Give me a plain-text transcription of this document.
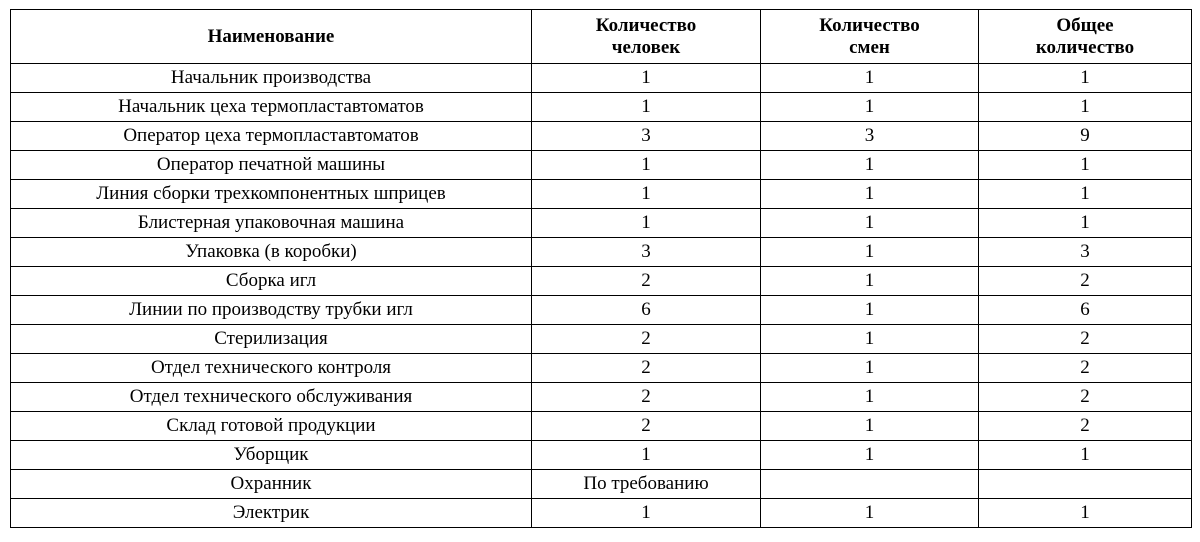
Наименование	Количество человек	Количество смен	Общее количество
Начальник производства	1	1	1
Начальник цеха термопластавтоматов	1	1	1
Оператор цеха термопластавтоматов	3	3	9
Оператор печатной машины	1	1	1
Линия сборки трехкомпонентных шприцев	1	1	1
Блистерная упаковочная машина	1	1	1
Упаковка (в коробки)	3	1	3
Сборка игл	2	1	2
Линии по производству трубки игл	6	1	6
Стерилизация	2	1	2
Отдел технического контроля	2	1	2
Отдел технического обслуживания	2	1	2
Склад готовой продукции	2	1	2
Уборщик	1	1	1
Охранник	По требованию		
Электрик	1	1	1
